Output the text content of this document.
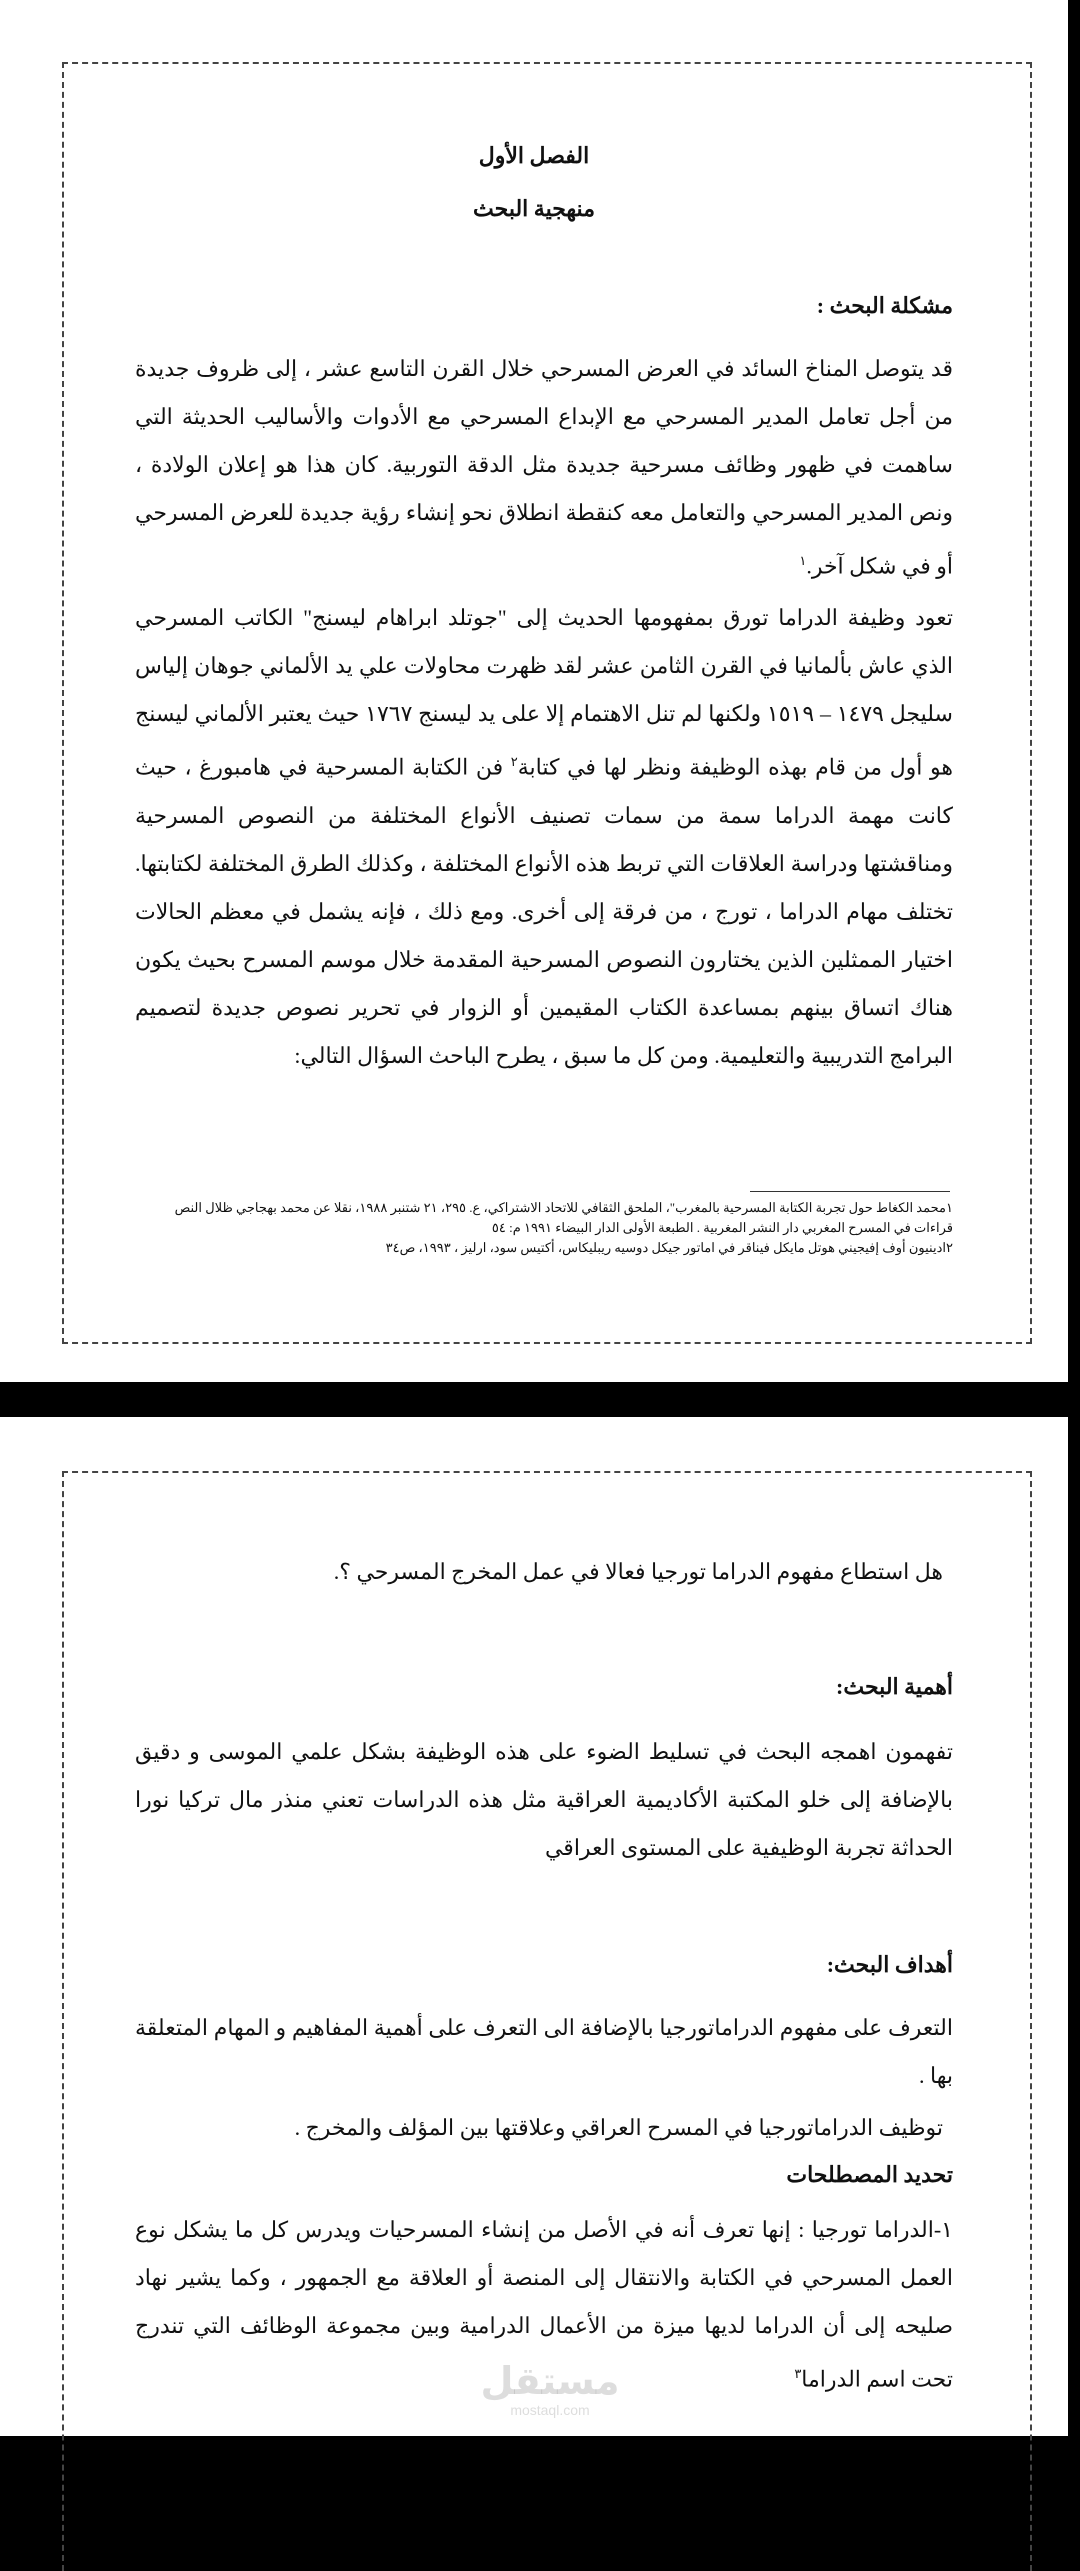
الفصل الأول
منهجية البحث

مشكلة البحث :

قد يتوصل المناخ السائد في العرض المسرحي خلال القرن التاسع عشر ، إلى ظروف جديدة من أجل تعامل المدير المسرحي مع الإبداع المسرحي مع الأدوات والأساليب الحديثة التي ساهمت في ظهور وظائف مسرحية جديدة مثل الدقة التوربية. كان هذا هو إعلان الولادة ، ونص المدير المسرحي والتعامل معه كنقطة انطلاق نحو إنشاء رؤية جديدة للعرض المسرحي أو في شكل آخر.$^١$

تعود وظيفة الدراما تورق بمفهومها الحديث إلى "جوتلد ابراهام ليسنج" الكاتب المسرحي الذي عاش بألمانيا في القرن الثامن عشر لقد ظهرت محاولات علي يد الألماني جوهان إلياس سليجل ١٤٧٩ – ١٥١٩ ولكنها لم تنل الاهتمام إلا على يد ليسنج ١٧٦٧ حيث يعتبر الألماني ليسنج هو أول من قام بهذه الوظيفة ونظر لها في كتابة$^٢$ فن الكتابة المسرحية في هامبورغ ، حيث كانت مهمة الدراما سمة من سمات تصنيف الأنواع المختلفة من النصوص المسرحية ومناقشتها ودراسة العلاقات التي تربط هذه الأنواع المختلفة ، وكذلك الطرق المختلفة لكتابتها. تختلف مهام الدراما ، تورج ، من فرقة إلى أخرى. ومع ذلك ، فإنه يشمل في معظم الحالات اختيار الممثلين الذين يختارون النصوص المسرحية المقدمة خلال موسم المسرح بحيث يكون هناك اتساق بينهم بمساعدة الكتاب المقيمين أو الزوار في تحرير نصوص جديدة لتصميم البرامج التدريبية والتعليمية. ومن كل ما سبق ، يطرح الباحث السؤال التالي:

١محمد الكغاط حول تجربة الكتابة المسرحية بالمغرب"، الملحق الثقافي للاتحاد الاشتراكي، ع. ٢٩٥، ٢١ شتنبر ١٩٨٨، نقلا عن محمد بهجاجي ظلال النص قراءات في المسرح المغربي دار النشر المغربية . الطبعة الأولى الدار البيضاء ١٩٩١ م: ٥٤

٢ادينيون أوف إفيجيني هوتل مايكل فيناقر في اماتور جيكل دوسيه ريبليكاس، أكتيس سود، ارليز ، ١٩٩٣، ص٣٤

هل استطاع مفهوم الدراما تورجيا فعالا في عمل المخرج المسرحي ؟.

أهمية البحث:

تفهمون اهمجه البحث في تسليط الضوء على هذه الوظيفة بشكل علمي الموسى و دقيق بالإضافة إلى خلو المكتبة الأكاديمية العراقية مثل هذه الدراسات تعني منذر مال تركيا نورا الحداثة تجربة الوظيفية على المستوى العراقي

أهداف البحث:

التعرف على مفهوم الدراماتورجيا بالإضافة الى التعرف على أهمية المفاهيم و المهام المتعلقة بها .

توظيف الدراماتورجيا في المسرح العراقي وعلاقتها بين المؤلف والمخرج .

تحديد المصطلحات

١-الدراما تورجيا : إنها تعرف أنه في الأصل من إنشاء المسرحيات ويدرس كل ما يشكل نوع العمل المسرحي في الكتابة والانتقال إلى المنصة أو العلاقة مع الجمهور ، وكما يشير نهاد صليحه إلى أن الدراما لديها ميزة من الأعمال الدرامية وبين مجموعة الوظائف التي تندرج تحت اسم الدراما$^٣$

مستقل
mostaql.com
